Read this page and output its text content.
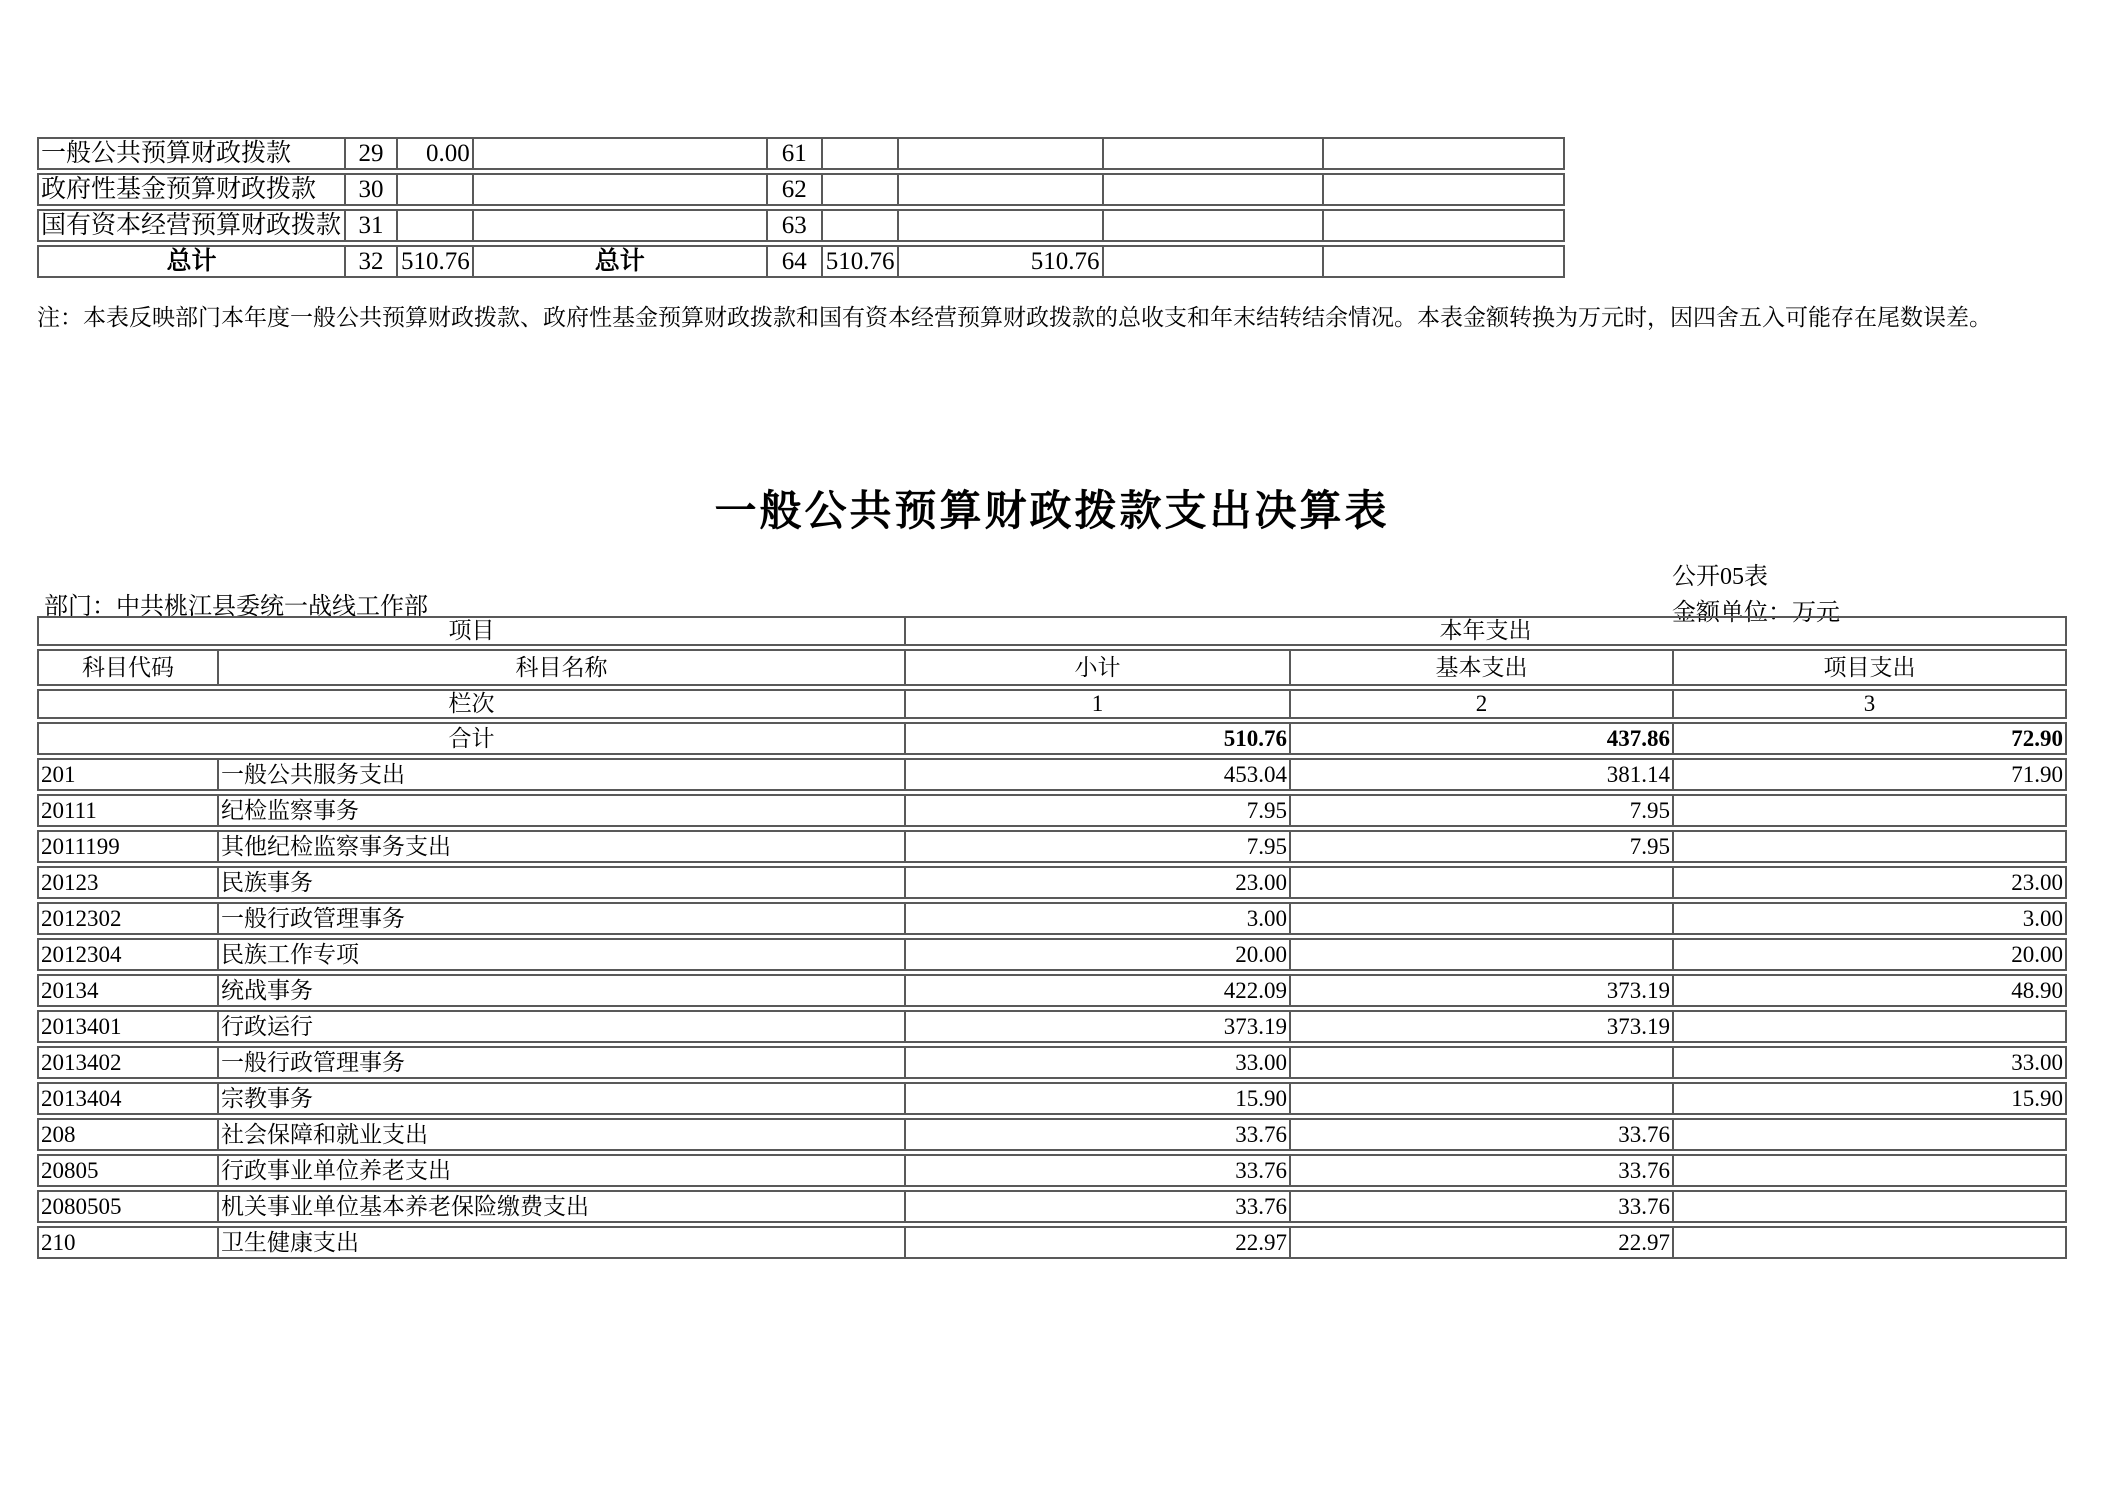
一般公共预算财政拨款	29	0.00		61				
政府性基金预算财政拨款	30			62				
国有资本经营预算财政拨款	31			63				
总计	32	510.76	总计	64	510.76	510.76		
注：本表反映部门本年度一般公共预算财政拨款、政府性基金预算财政拨款和国有资本经营预算财政拨款的总收支和年末结转结余情况。本表金额转换为万元时，因四舍五入可能存在尾数误差。
一般公共预算财政拨款支出决算表
公开05表
部门：中共桃江县委统一战线工作部	金额单位：万元
项目		本年支出		
科目代码	科目名称	小计	基本支出	项目支出
栏次		1	2	3
合计		510.76	437.86	72.90
201	一般公共服务支出	453.04	381.14	71.90
20111	纪检监察事务	7.95	7.95	
2011199	其他纪检监察事务支出	7.95	7.95	
20123	民族事务	23.00		23.00
2012302	一般行政管理事务	3.00		3.00
2012304	民族工作专项	20.00		20.00
20134	统战事务	422.09	373.19	48.90
2013401	行政运行	373.19	373.19	
2013402	一般行政管理事务	33.00		33.00
2013404	宗教事务	15.90		15.90
208	社会保障和就业支出	33.76	33.76	
20805	行政事业单位养老支出	33.76	33.76	
2080505	机关事业单位基本养老保险缴费支出	33.76	33.76	
210	卫生健康支出	22.97	22.97	
